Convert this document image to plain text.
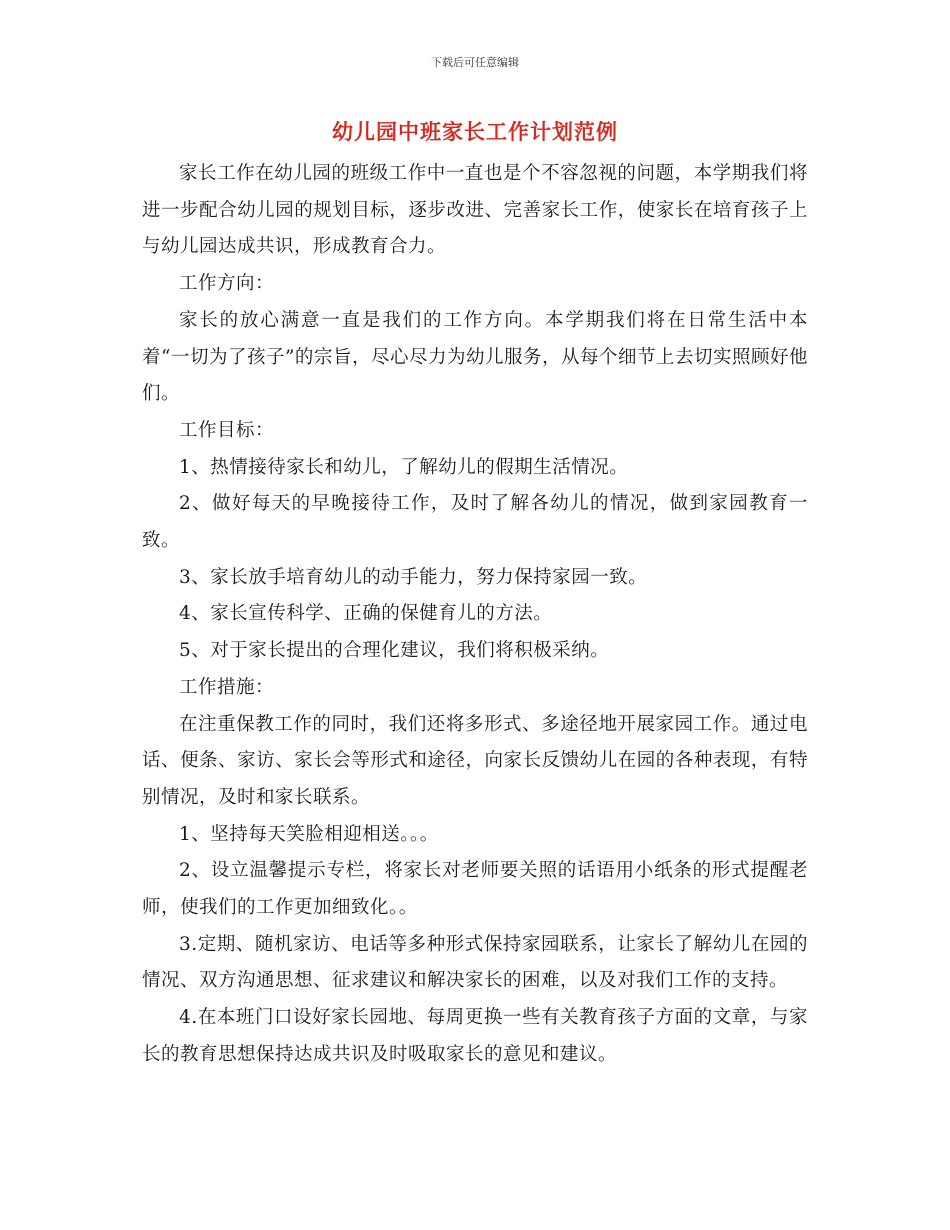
下载后可任意编辑
幼儿园中班家长工作计划范例

家长工作在幼儿园的班级工作中一直也是个不容忽视的问题，本学期我们将进一步配合幼儿园的规划目标，逐步改进、完善家长工作，使家长在培育孩子上与幼儿园达成共识，形成教育合力。

工作方向：

家长的放心满意一直是我们的工作方向。本学期我们将在日常生活中本着“一切为了孩子”的宗旨，尽心尽力为幼儿服务，从每个细节上去切实照顾好他们。

工作目标：

1、热情接待家长和幼儿，了解幼儿的假期生活情况。

2、做好每天的早晚接待工作，及时了解各幼儿的情况，做到家园教育一致。

3、家长放手培育幼儿的动手能力，努力保持家园一致。

4、家长宣传科学、正确的保健育儿的方法。

5、对于家长提出的合理化建议，我们将积极采纳。

工作措施：

在注重保教工作的同时，我们还将多形式、多途径地开展家园工作。通过电话、便条、家访、家长会等形式和途径，向家长反馈幼儿在园的各种表现，有特别情况，及时和家长联系。

1、坚持每天笑脸相迎相送。。。

2、设立温馨提示专栏，将家长对老师要关照的话语用小纸条的形式提醒老师，使我们的工作更加细致化。。

3.定期、随机家访、电话等多种形式保持家园联系，让家长了解幼儿在园的情况、双方沟通思想、征求建议和解决家长的困难，以及对我们工作的支持。

4.在本班门口设好家长园地、每周更换一些有关教育孩子方面的文章，与家长的教育思想保持达成共识及时吸取家长的意见和建议。
